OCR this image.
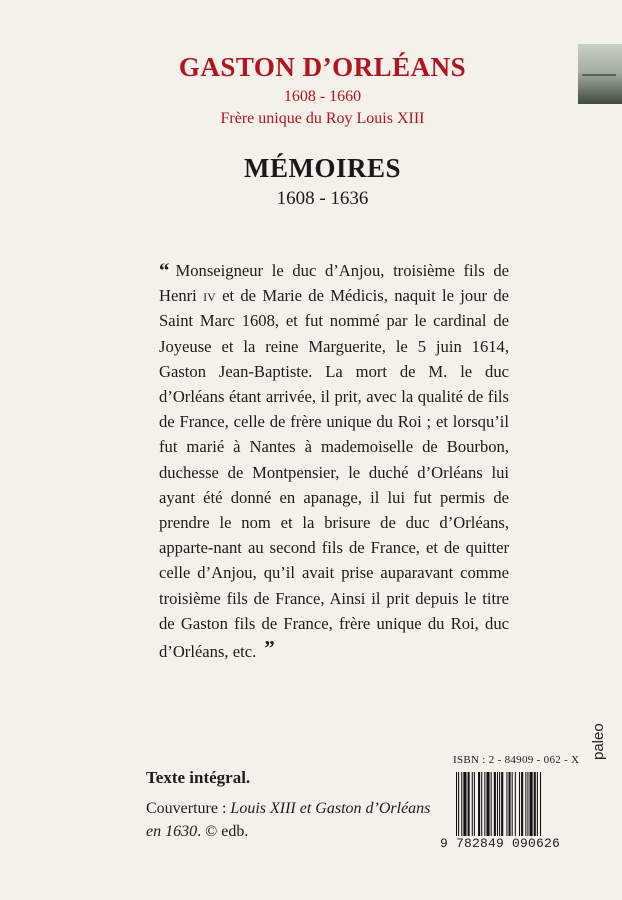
GASTON D’ORLÉANS
1608 - 1660
Frère unique du Roy Louis XIII
MÉMOIRES
1608 - 1636
“ Monseigneur le duc d’Anjou, troisième fils de Henri iv et de Marie de Médicis, naquit le jour de Saint Marc 1608, et fut nommé par le cardinal de Joyeuse et la reine Marguerite, le 5 juin 1614, Gaston Jean-Baptiste. La mort de M. le duc d’Orléans étant arrivée, il prit, avec la qualité de fils de France, celle de frère unique du Roi ; et lorsqu’il fut marié à Nantes à mademoiselle de Bourbon, duchesse de Montpensier, le duché d’Orléans lui ayant été donné en apanage, il lui fut permis de prendre le nom et la brisure de duc d’Orléans, apparte-nant au second fils de France, et de quitter celle d’Anjou, qu’il avait prise auparavant comme troisième fils de France, Ainsi il prit depuis le titre de Gaston fils de France, frère unique du Roi, duc d’Orléans, etc. ”
Texte intégral.
Couverture : Louis XIII et Gaston d’Orléans en 1630. © edb.
ISBN : 2 - 84909 - 062 - X
9 782849 090626
paleo
